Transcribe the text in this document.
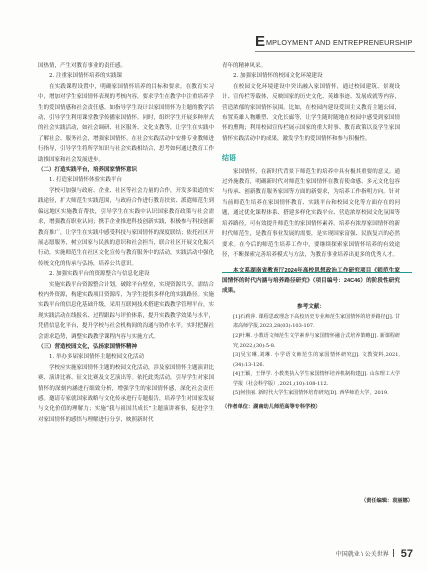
E MPLOYMENT AND ENTREPRENEURSHIP

国热情，产生对教育事业的责任感。

2. 注重家国情怀培养的实践课

在实践课程设置中，明确家国情怀培养的目标和要求。在教育实习中，增加对学生家国情怀表现的考核内容，要求学生在教学中注重培养学生的爱国情感和社会责任感。如指导学生设计以家国情怀为主题的教学活动，引导学生利用课堂教学传播家国情怀。同时，组织学生开展多种形式的社会实践活动，如社会调研、社区服务、文化支教等，让学生在实践中了解社会、服务社会，增强家国情怀。在社会实践活动中安排专业教师进行指导，引导学生将所学知识与社会实践相结合，思考如何通过教育工作助推国家和社会发展进步。

（二）打造实践平台，培养国家情怀意识

1. 打造家国情怀体验实践平台

学校可加强与政府、企业、社区等社会力量的合作，开发多渠道的实践途径，扩大师范生实践范围，与政府合作进行教育扶贫、派遣师范生到偏远地区实施教育帮扶，引导学生在实践中认识国家教育政策与社会需求，增强教育职业认同；携手企业推进科技创新实践，积极参与科技创新教育推广，让学生在实践中感受科技与家国情怀的深度联结；依托社区开展志愿服务，树立国家与民族的意识和社会担当，联合社区开展文化振兴行动，实施师范生在社区文化宣传与教育服务中的活动，实践活动中强化传统文化的传承与弘扬，培养公共意识。

2. 加强实践平台的资源整合与信息化建设

实施实践平台资源整合计划，破除平台壁垒，实现资源共享，需结合校内外资源，构建实践项目资源库，为学生提供多样化的实践路径。实施实践平台的信息化基础升级，采用互联网技术搭建实践教学管理平台，实现实践活动在线报名、过程跟踪与评价体系，提升实践教学效果与水平，凭借信息化平台，提升学校与社会机构间的沟通与协作水平，实时把握社会需求趋势，调整实践教学课程内容与实施方式。

（三）营造校园文化，弘扬家国情怀精神

1. 举办多届家国情怀主题校园文化活动

学校应实施家国情怀主题的校园文化活动，涉及家国情怀主题演讲比赛、演讲比赛、征文比赛及文艺演出等。依托此类活动，引导学生对家国情怀的深刻内涵进行细致分析，增强学生的家国情怀感，深化社会责任感。邀请专家就国家战略与文化传承进行专题报告，培养学生对国家发展与文化价值的理解力；实施“我与祖国共成长”主题演讲赛事，促进学生对家国情怀的感悟与理解进行分享，映照新时代

青年的精神风采。

2. 加强家国情怀的校园文化环境建设

在校园文化环境建设中突出融入家国情怀，通过校园建筑、景观设计、宣传栏等载体，反映国家的历史文化、英雄事迹、发展成就等内容，营造浓郁的家国情怀氛围。比如，在校园内建设爱国主义教育主题公园，布置英雄人物雕塑、文化长廊等，让学生随时随地在校园中感受到家国情怀的熏陶；利用校园宣传栏展示国家的重大时事、教育政策以及学生家国情怀实践活动中的成果，激发学生的爱国情怀和参与积极性。

结语

家国情怀，在新时代背景下师范生的培养中具有极其重要的意义。通过外施教育，明确新时代对师范生家国情怀在教育使命感、多元文化包容与传承、创新教育服务家国等方面的新要求，为培养工作指明方向。针对当前师范生培养在家国情怀教育、实践平台和校园文化等方面存在的问题，通过优化课程体系、搭建多样化实践平台、营造浓厚校园文化氛围等培养路径，可有效提升师范生的家国情怀素养。培养有浓厚家国情怀的新时代师范生，是教育事业发展的需要，是实现国家富强、民族复兴的必然要求。在今后的师范生培养工作中，要继续探索家国情怀培养的有效途径，不断探索完善培养模式与方法，为教育事业培养出更多的优秀人才。

国情怀的时代内涵与培养路径研究》（项目编号：24C46）的阶段性研究成果。

参考文献：

[1]石莉萍. 课程思政理念下高校历史专业师范生家国情怀的培养路径[J]. 甘肃高师学报,2023,28(03):103-107.

[2]叶琳. 小教语文师范生文学素养与家国情怀融合式培养策略[J]. 新课程研究,2022,(30):5-8.

[3]吴宝琳,刘琳. 小学语文师范生的家国情怀研究[J]. 文教资料,2021,(34):13-126.

[4]王颖，王怿学. 小教类执入学生家国情怀培养机制构建[J]. 山东理工大学学报（社会科学版）,2021,(10):108-112.

[5]何佳丽. 新时代大学生家国情怀培育研究[D]. 西华师范大学，2019.

（作者单位：湖南幼儿师范高等专科学校）

（责任编辑：袁丽娜）
中国就业 \ 公关世界 57
